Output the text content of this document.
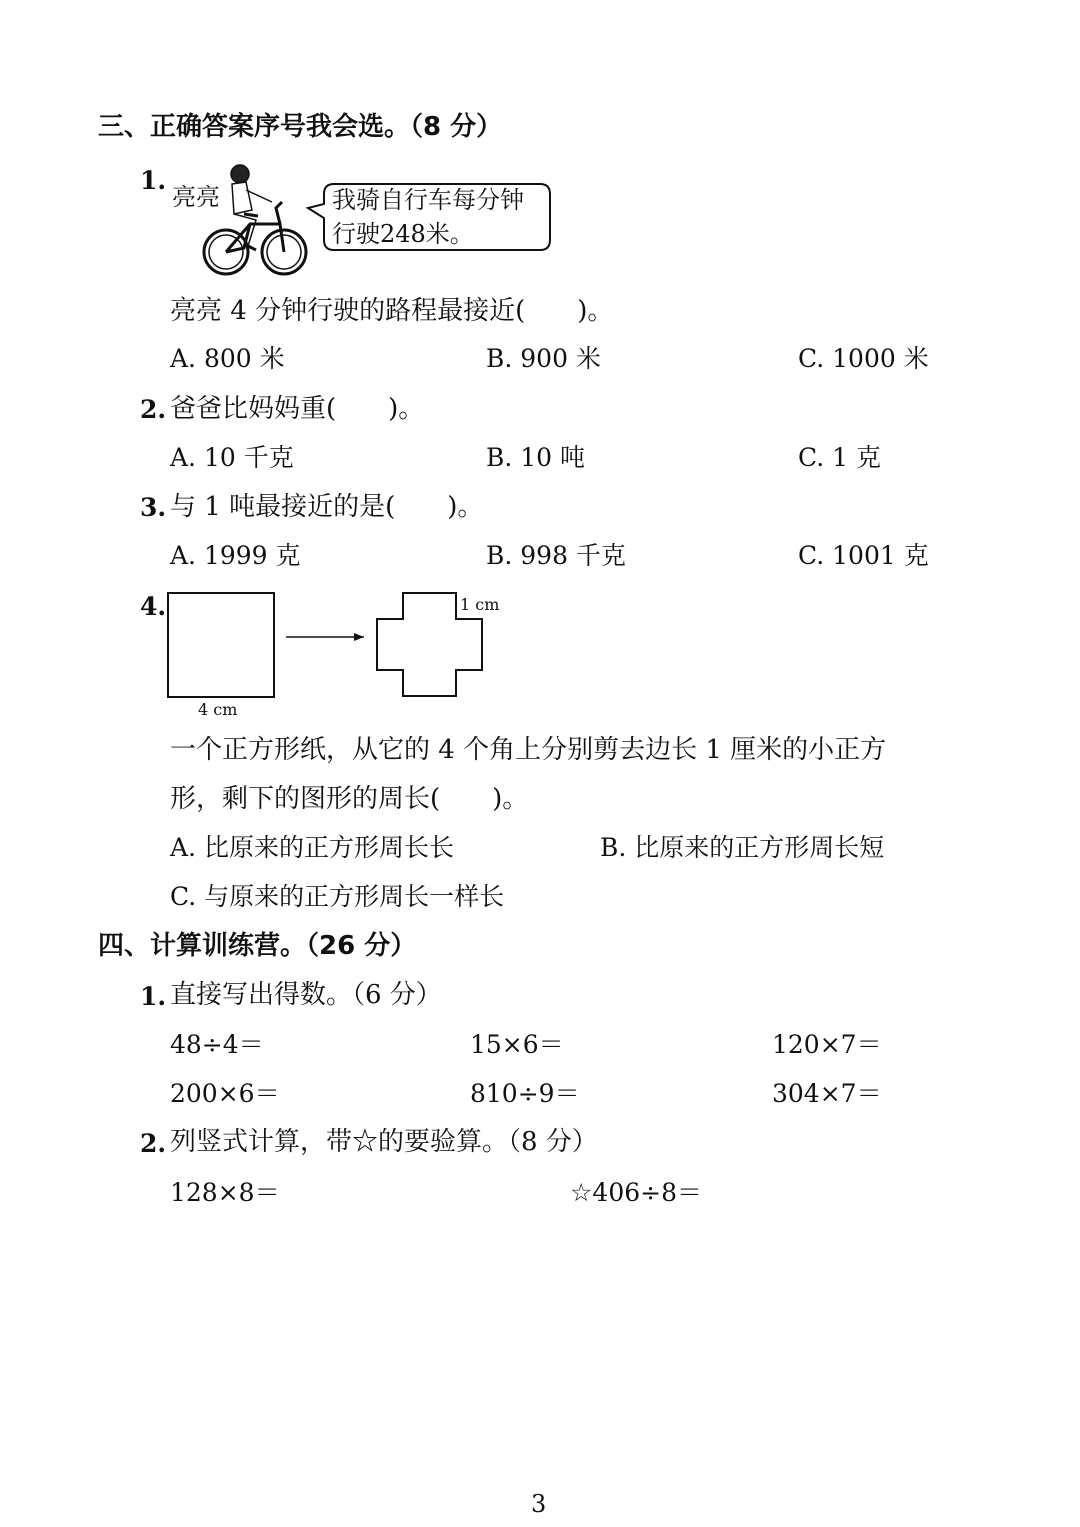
三、正确答案序号我会选。（8 分）
1.
亮亮	我骑自行车每分钟
行驶248米。
亮亮 4 分钟行驶的路程最接近(　　)。
A. 800 米	B. 900 米	C. 1000 米
2. 爸爸比妈妈重(　　)。
A. 10 千克	B. 10 吨	C. 1 克
3. 与 1 吨最接近的是(　　)。
A. 1999 克	B. 998 千克	C. 1001 克
4.
4 cm
1 cm
一个正方形纸，从它的 4 个角上分别剪去边长 1 厘米的小正方
形，剩下的图形的周长(　　)。
A. 比原来的正方形周长长	B. 比原来的正方形周长短
C. 与原来的正方形周长一样长
四、计算训练营。（26 分）
1. 直接写出得数。（6 分）
48÷4＝	15×6＝	120×7＝
200×6＝	810÷9＝	304×7＝
2. 列竖式计算，带☆的要验算。（8 分）
128×8＝	☆406÷8＝
3
